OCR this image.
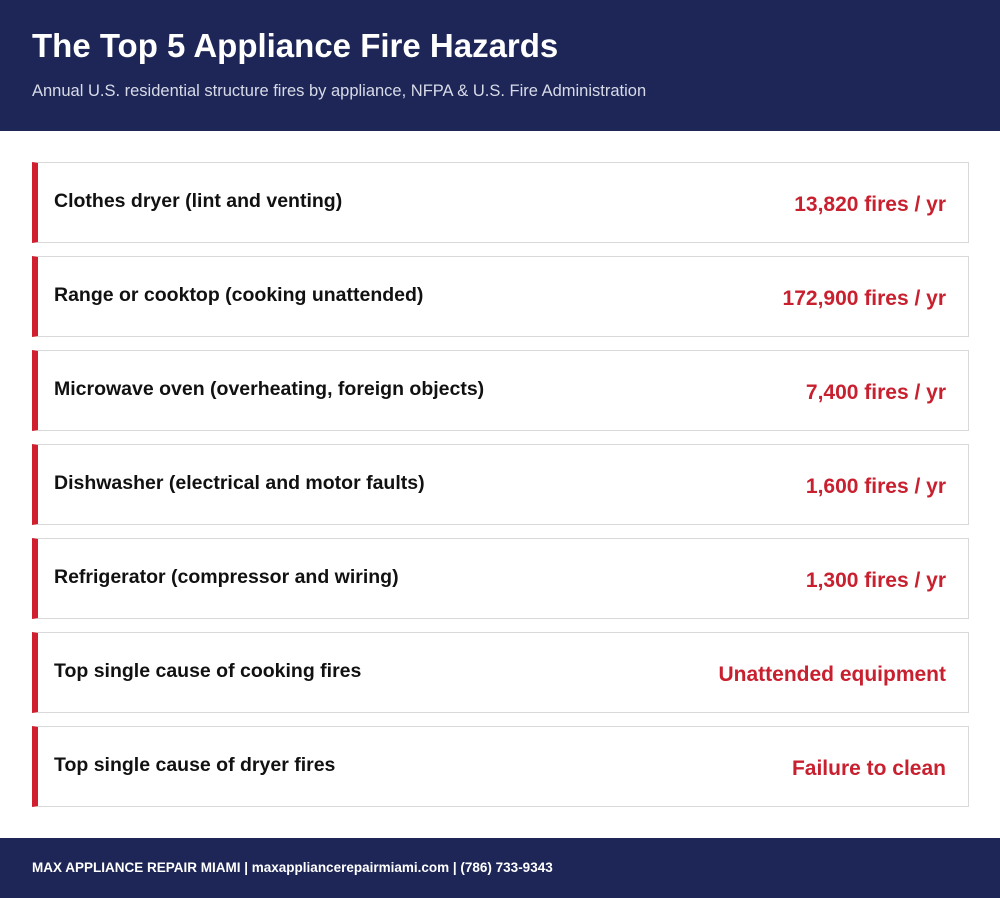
The Top 5 Appliance Fire Hazards

Annual U.S. residential structure fires by appliance, NFPA & U.S. Fire Administration

Clothes dryer (lint and venting)	13,820 fires / yr
Range or cooktop (cooking unattended)	172,900 fires / yr
Microwave oven (overheating, foreign objects)	7,400 fires / yr
Dishwasher (electrical and motor faults)	1,600 fires / yr
Refrigerator (compressor and wiring)	1,300 fires / yr
Top single cause of cooking fires	Unattended equipment
Top single cause of dryer fires	Failure to clean
MAX APPLIANCE REPAIR MIAMI | maxappliancerepairmiami.com | (786) 733-9343
